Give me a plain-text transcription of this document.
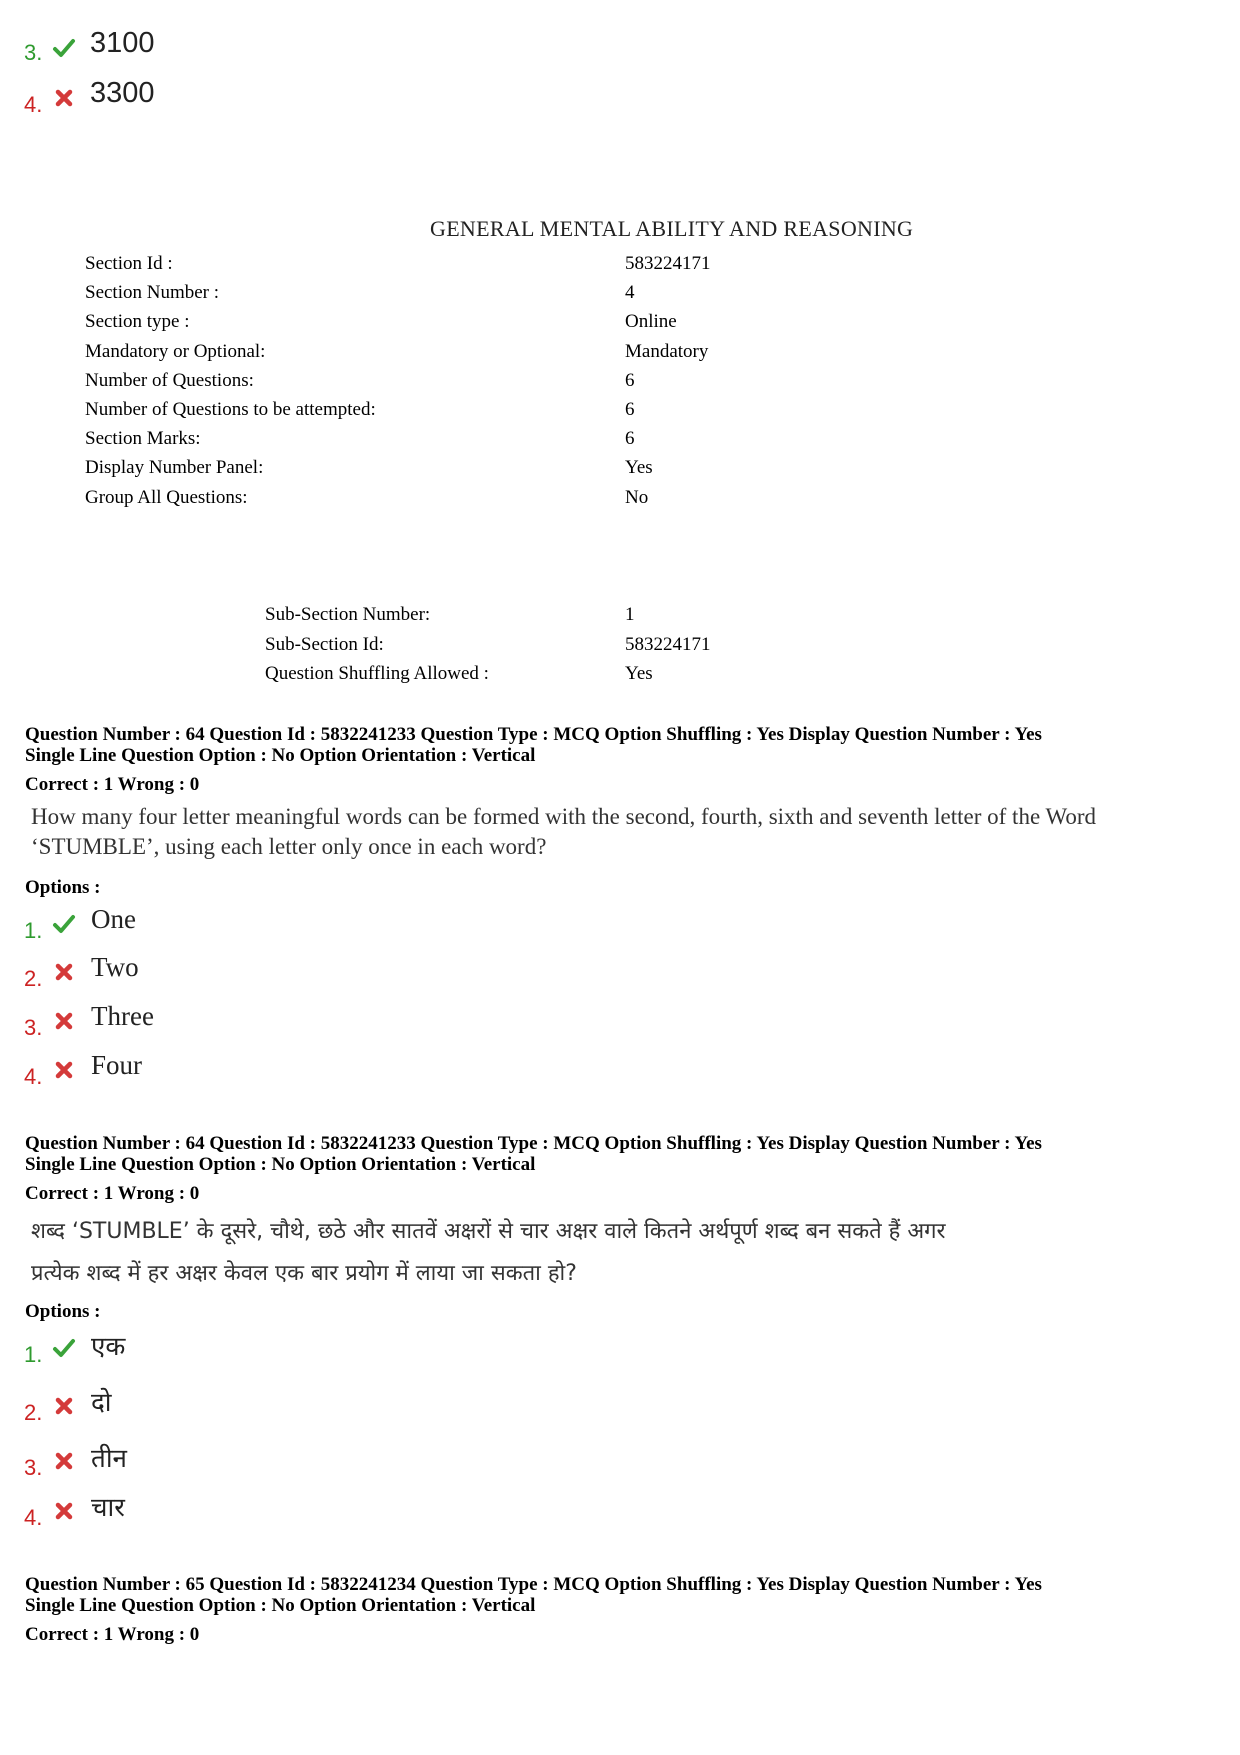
3. 3100
4. 3300
GENERAL MENTAL ABILITY AND REASONING
Section Id :	583224171
Section Number :	4
Section type :	Online
Mandatory or Optional:	Mandatory
Number of Questions:	6
Number of Questions to be attempted:	6
Section Marks:	6
Display Number Panel:	Yes
Group All Questions:	No
Sub-Section Number:	1
Sub-Section Id:	583224171
Question Shuffling Allowed :	Yes
Question Number : 64 Question Id : 5832241233 Question Type : MCQ Option Shuffling : Yes Display Question Number : Yes
Single Line Question Option : No Option Orientation : Vertical
Correct : 1 Wrong : 0
How many four letter meaningful words can be formed with the second, fourth, sixth and seventh letter of the Word
‘STUMBLE’, using each letter only once in each word?
Options :
1. One
2. Two
3. Three
4. Four
Question Number : 64 Question Id : 5832241233 Question Type : MCQ Option Shuffling : Yes Display Question Number : Yes
Single Line Question Option : No Option Orientation : Vertical
Correct : 1 Wrong : 0
शब्द ‘STUMBLE’ के दूसरे, चौथे, छठे और सातवें अक्षरों से चार अक्षर वाले कितने अर्थपूर्ण शब्द बन सकते हैं अगर
प्रत्येक शब्द में हर अक्षर केवल एक बार प्रयोग में लाया जा सकता हो?
Options :
1. एक
2. दो
3. तीन
4. चार
Question Number : 65 Question Id : 5832241234 Question Type : MCQ Option Shuffling : Yes Display Question Number : Yes
Single Line Question Option : No Option Orientation : Vertical
Correct : 1 Wrong : 0
